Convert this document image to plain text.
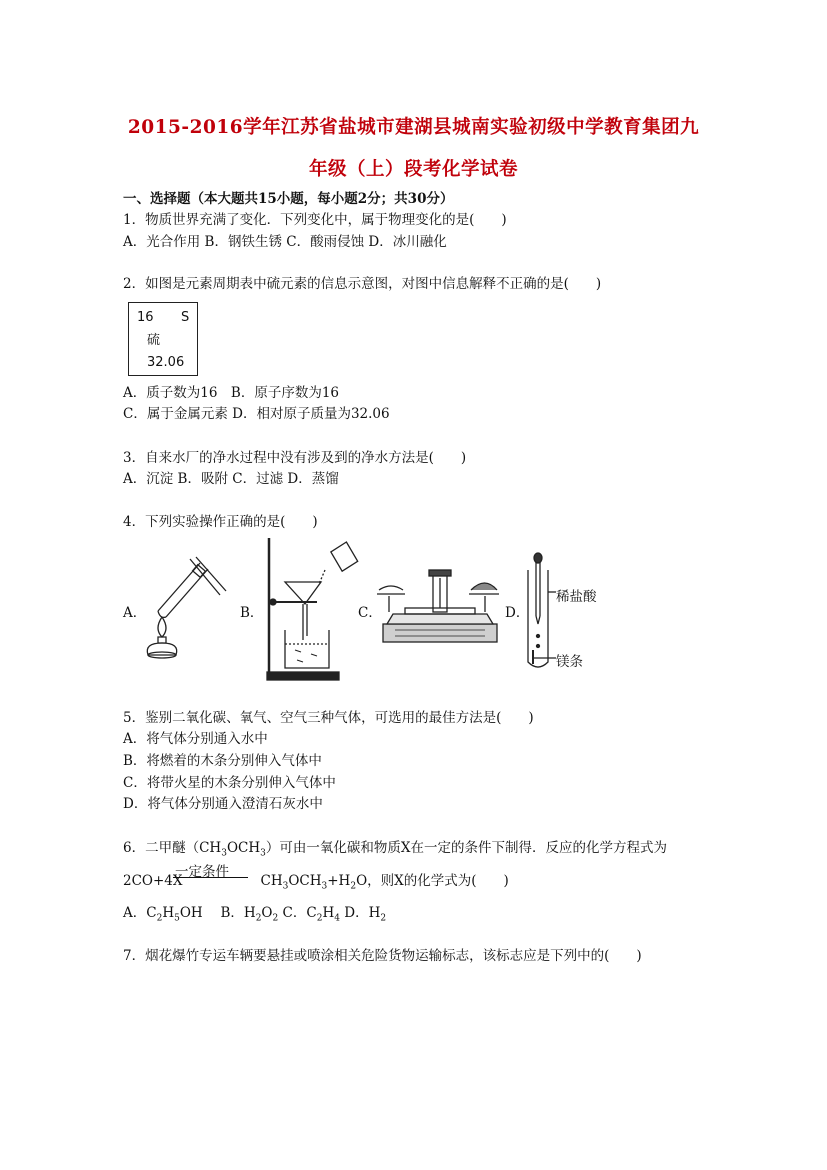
2015-2016学年江苏省盐城市建湖县城南实验初级中学教育集团九
年级（上）段考化学试卷
一、选择题（本大题共15小题，每小题2分；共30分）
1．物质世界充满了变化．下列变化中，属于物理变化的是(　　)
A．光合作用 B．钢铁生锈 C．酸雨侵蚀 D．冰川融化
2．如图是元素周期表中硫元素的信息示意图，对图中信息解释不正确的是(　　)
16 S
硫
32.06
A．质子数为16　B．原子序数为16
C．属于金属元素 D．相对原子质量为32.06
3．自来水厂的净水过程中没有涉及到的净水方法是(　　)
A．沉淀 B．吸附 C．过滤 D．蒸馏
4．下列实验操作正确的是(　　)
A．	B．	C．	D．
稀盐酸
镁条
5．鉴别二氧化碳、氧气、空气三种气体，可选用的最佳方法是(　　)
A．将气体分别通入水中
B．将燃着的木条分别伸入气体中
C．将带火星的木条分别伸入气体中
D．将气体分别通入澄清石灰水中
6．二甲醚$(CH_3OCH_3)$可由一氧化碳和物质X在一定的条件下制得．反应的化学方程式为
一定条件
2CO+4X	$CH_3OCH_3+H_2O$，则X的化学式为(　　)
A．$C_2H_5OH$　 B．$H_2O_2$ C．$C_2H_4$ D．$H_2$
7．烟花爆竹专运车辆要悬挂或喷涂相关危险货物运输标志，该标志应是下列中的(　　)
